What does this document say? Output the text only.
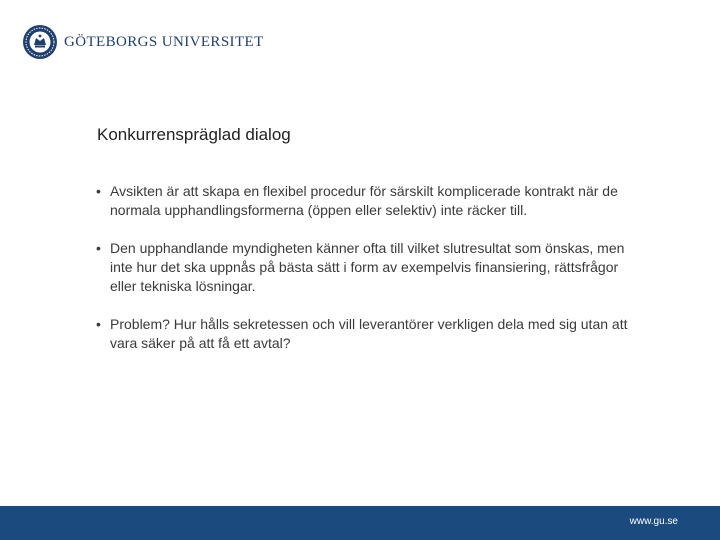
GÖTEBORGS UNIVERSITET
Konkurrenspräglad dialog
• Avsikten är att skapa en flexibel procedur för särskilt komplicerade kontrakt när de normala upphandlingsformerna (öppen eller selektiv) inte räcker till.
• Den upphandlande myndigheten känner ofta till vilket slutresultat som önskas, men inte hur det ska uppnås på bästa sätt i form av exempelvis finansiering, rättsfrågor eller tekniska lösningar.
• Problem? Hur hålls sekretessen och vill leverantörer verkligen dela med sig utan att vara säker på att få ett avtal?
www.gu.se
